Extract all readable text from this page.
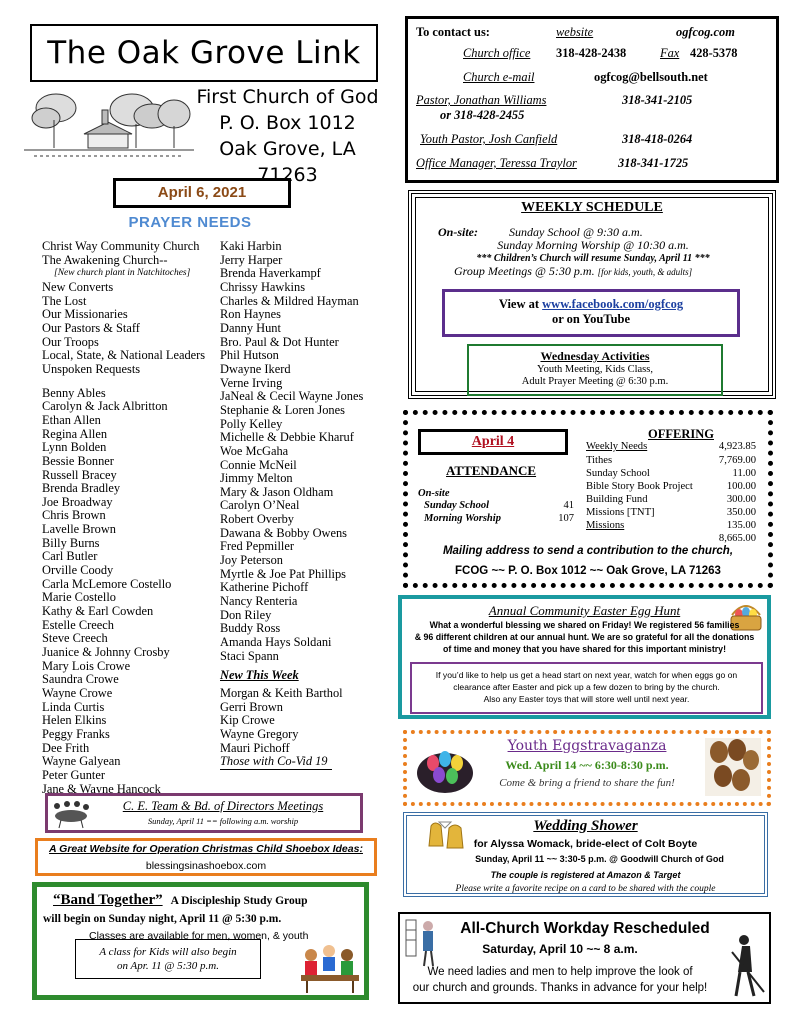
The Oak Grove Link
First Church of God
P. O. Box 1012
Oak Grove, LA 71263
April 6, 2021
PRAYER NEEDS
Christ Way Community Church
The Awakening Church--
[New church plant in Natchitoches]
New Converts
The Lost
Our Missionaries
Our Pastors & Staff
Our Troops
Local, State, & National Leaders
Unspoken Requests
Benny Ables
Carolyn & Jack Albritton
Ethan Allen
Regina Allen
Lynn Bolden
Bessie Bonner
Russell Bracey
Brenda Bradley
Joe Broadway
Chris Brown
Lavelle Brown
Billy Burns
Carl Butler
Orville Coody
Carla McLemore Costello
Marie Costello
Kathy & Earl Cowden
Estelle Creech
Steve Creech
Juanice & Johnny Crosby
Mary Lois Crowe
Saundra Crowe
Wayne Crowe
Linda Curtis
Helen Elkins
Peggy Franks
Dee Frith
Wayne Galyean
Peter Gunter
Jane & Wayne Hancock
Kaki Harbin
Jerry Harper
Brenda Haverkampf
Chrissy Hawkins
Charles & Mildred Hayman
Ron Haynes
Danny Hunt
Bro. Paul & Dot Hunter
Phil Hutson
Dwayne Ikerd
Verne Irving
JaNeal & Cecil Wayne Jones
Stephanie & Loren Jones
Polly Kelley
Michelle & Debbie Kharuf
Woe McGaha
Connie McNeil
Jimmy Melton
Mary & Jason Oldham
Carolyn O’Neal
Robert Overby
Dawana & Bobby Owens
Fred Pepmiller
Joy Peterson
Myrtle & Joe Pat Phillips
Katherine Pichoff
Nancy Renteria
Don Riley
Buddy Ross
Amanda Hays Soldani
Staci Spann
New This Week
Morgan & Keith Barthol
Gerri Brown
Kip Crowe
Wayne Gregory
Mauri Pichoff
Those with Co-Vid 19
To contact us:	website	ogfcog.com
Church office 318-428-2438	Fax 428-5378
Church e-mail	ogfcog@bellsouth.net
Pastor, Jonathan Williams	318-341-2105
or 318-428-2455
Youth Pastor, Josh Canfield	318-418-0264
Office Manager, Teressa Traylor	318-341-1725
WEEKLY SCHEDULE
On-site:	Sunday School @ 9:30 a.m.
Sunday Morning Worship @ 10:30 a.m.
*** Children’s Church will resume Sunday, April 11 ***
Group Meetings @ 5:30 p.m. [for kids, youth, & adults]
View at www.facebook.com/ogfcog
or on YouTube
Wednesday Activities
Youth Meeting, Kids Class,
Adult Prayer Meeting @ 6:30 p.m.
April 4
ATTENDANCE
On-site
Sunday School	41
Morning Worship	107
OFFERING
Weekly Needs	4,923.85
Tithes	7,769.00
Sunday School	11.00
Bible Story Book Project	100.00
Building Fund	300.00
Missions [TNT]	350.00
Missions	135.00
8,665.00
Mailing address to send a contribution to the church,
FCOG ~~ P. O. Box 1012 ~~ Oak Grove, LA 71263
Annual Community Easter Egg Hunt
What a wonderful blessing we shared on Friday! We registered 56 families
& 96 different children at our annual hunt. We are so grateful for all the donations
of time and money that you have shared for this important ministry!
If you’d like to help us get a head start on next year, watch for when eggs go on
clearance after Easter and pick up a few dozen to bring by the church.
Also any Easter toys that will store well until next year.
Youth Eggstravaganza
Wed. April 14 ~~ 6:30-8:30 p.m.
Come & bring a friend to share the fun!
Wedding Shower
for Alyssa Womack, bride-elect of Colt Boyte
Sunday, April 11 ~~ 3:30-5 p.m. @ Goodwill Church of God
The couple is registered at Amazon & Target
Please write a favorite recipe on a card to be shared with the couple
All-Church Workday Rescheduled
Saturday, April 10 ~~ 8 a.m.
We need ladies and men to help improve the look of
our church and grounds. Thanks in advance for your help!
C. E. Team & Bd. of Directors Meetings
Sunday, April 11 == following a.m. worship
A Great Website for Operation Christmas Child Shoebox Ideas:
blessingsinashoebox.com
“Band Together” A Discipleship Study Group
will begin on Sunday night, April 11 @ 5:30 p.m.
Classes are available for men, women, & youth
A class for Kids will also begin
on Apr. 11 @ 5:30 p.m.
